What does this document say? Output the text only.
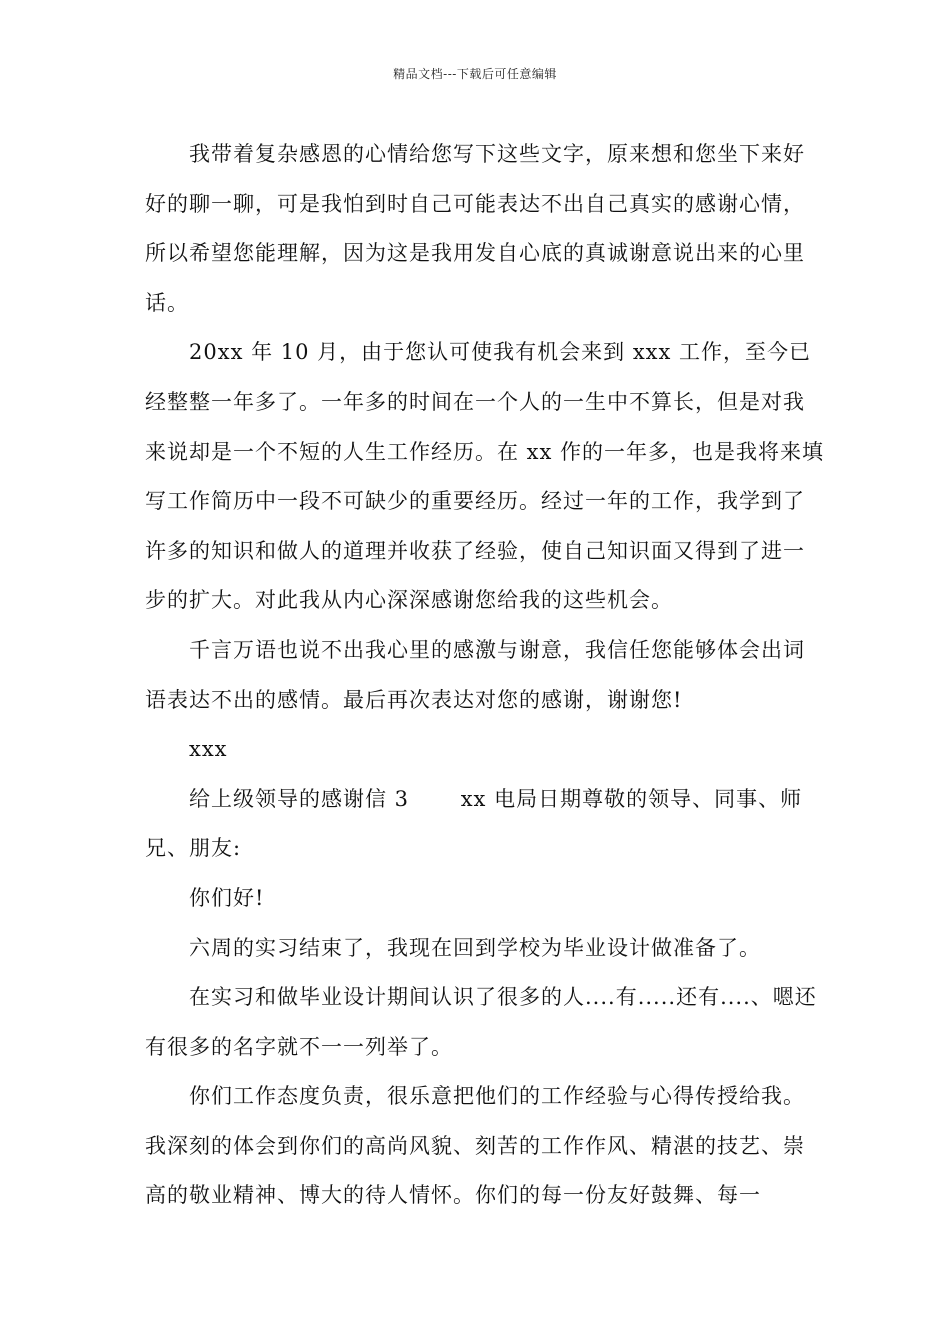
精品文档---下载后可任意编辑

我带着复杂感恩的心情给您写下这些文字，原来想和您坐下来好好的聊一聊，可是我怕到时自己可能表达不出自己真实的感谢心情，所以希望您能理解，因为这是我用发自心底的真诚谢意说出来的心里话。

20xx 年 10 月，由于您认可使我有机会来到 xxx 工作，至今已经整整一年多了。一年多的时间在一个人的一生中不算长，但是对我来说却是一个不短的人生工作经历。在 xx 作的一年多，也是我将来填写工作简历中一段不可缺少的重要经历。经过一年的工作，我学到了许多的知识和做人的道理并收获了经验，使自己知识面又得到了进一步的扩大。对此我从内心深深感谢您给我的这些机会。

千言万语也说不出我心里的感激与谢意，我信任您能够体会出词语表达不出的感情。最后再次表达对您的感谢，谢谢您!

xxx

给上级领导的感谢信 3　　 xx 电局日期尊敬的领导、同事、师兄、朋友:

你们好!

六周的实习结束了，我现在回到学校为毕业设计做准备了。

在实习和做毕业设计期间认识了很多的人....有.....还有....、嗯还有很多的名字就不一一列举了。

你们工作态度负责，很乐意把他们的工作经验与心得传授给我。我深刻的体会到你们的高尚风貌、刻苦的工作作风、精湛的技艺、崇高的敬业精神、博大的待人情怀。你们的每一份友好鼓舞、每一
